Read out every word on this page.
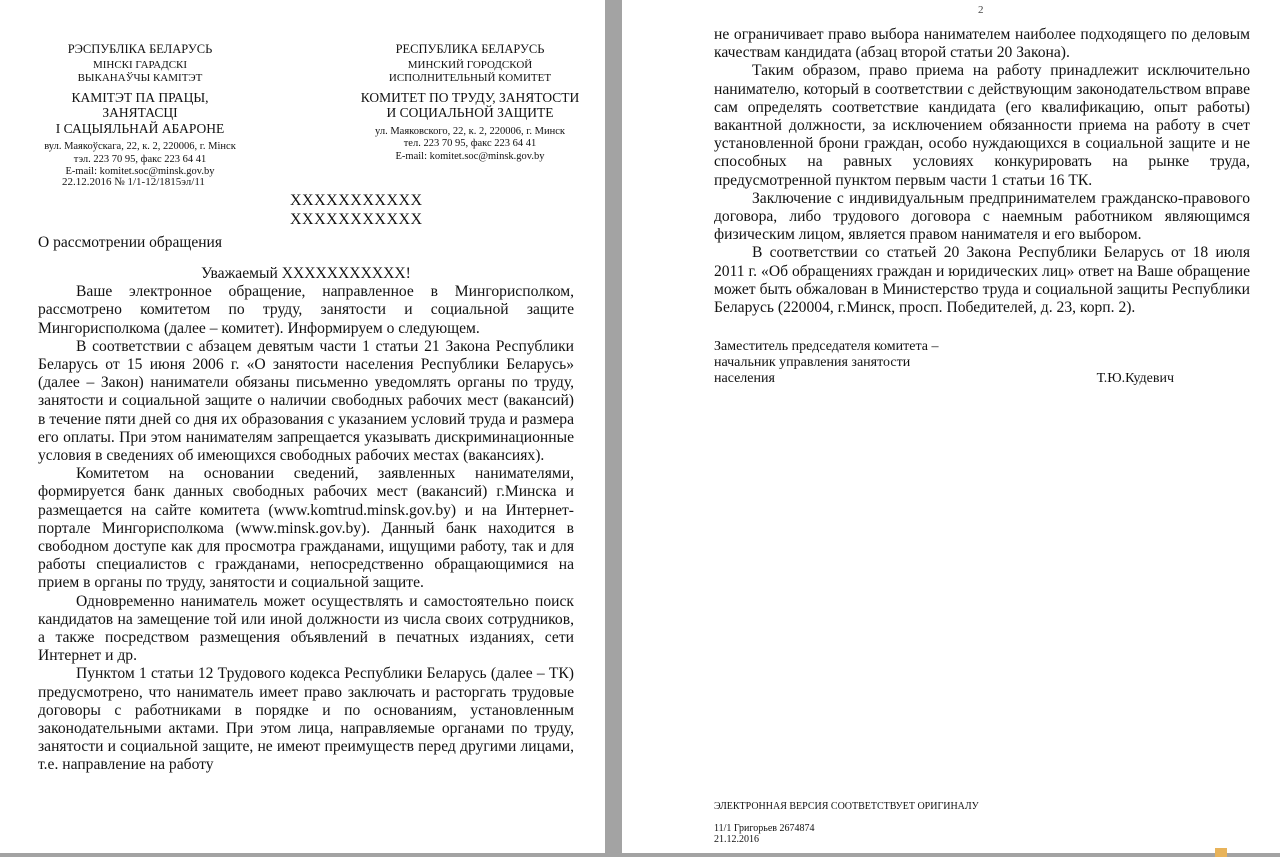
РЭСПУБЛІКА БЕЛАРУСЬ
МІНСКІ ГАРАДСКІ
ВЫКАНАЎЧЫ КАМІТЭТ
КАМІТЭТ ПА ПРАЦЫ, ЗАНЯТАСЦІ
І САЦЫЯЛЬНАЙ АБАРОНЕ
вул. Маякоўскага, 22, к. 2, 220006, г. Мінск
тэл. 223 70 95, факс 223 64 41
E-mail: komitet.soc@minsk.gov.by
РЕСПУБЛИКА БЕЛАРУСЬ
МИНСКИЙ ГОРОДСКОЙ
ИСПОЛНИТЕЛЬНЫЙ КОМИТЕТ
КОМИТЕТ ПО ТРУДУ, ЗАНЯТОСТИ
И СОЦИАЛЬНОЙ ЗАЩИТЕ
ул. Маяковского, 22, к. 2, 220006, г. Минск
тел. 223 70 95, факс 223 64 41
E-mail: komitet.soc@minsk.gov.by
22.12.2016 № 1/1-12/1815эл/11
XXXXXXXXXXX
XXXXXXXXXXX
О рассмотрении обращения

Уважаемый XXXXXXXXXXX!

Ваше электронное обращение, направленное в Мингорисполком, рассмотрено комитетом по труду, занятости и социальной защите Мингорисполкома (далее – комитет). Информируем о следующем.

В соответствии с абзацем девятым части 1 статьи 21 Закона Республики Беларусь от 15 июня 2006 г. «О занятости населения Республики Беларусь» (далее – Закон) наниматели обязаны письменно уведомлять органы по труду, занятости и социальной защите о наличии свободных рабочих мест (вакансий) в течение пяти дней со дня их образования с указанием условий труда и размера его оплаты. При этом нанимателям запрещается указывать дискриминационные условия в сведениях об имеющихся свободных рабочих местах (вакансиях).

Комитетом на основании сведений, заявленных нанимателями, формируется банк данных свободных рабочих мест (вакансий) г.Минска и размещается на сайте комитета (www.komtrud.minsk.gov.by) и на Интернет-портале Мингорисполкома (www.minsk.gov.by). Данный банк находится в свободном доступе как для просмотра гражданами, ищущими работу, так и для работы специалистов с гражданами, непосредственно обращающимися на прием в органы по труду, занятости и социальной защите.

Одновременно наниматель может осуществлять и самостоятельно поиск кандидатов на замещение той или иной должности из числа своих сотрудников, а также посредством размещения объявлений в печатных изданиях, сети Интернет и др.

Пунктом 1 статьи 12 Трудового кодекса Республики Беларусь (далее – ТК) предусмотрено, что наниматель имеет право заключать и расторгать трудовые договоры с работниками в порядке и по основаниям, установленным законодательными актами. При этом лица, направляемые органами по труду, занятости и социальной защите, не имеют преимуществ перед другими лицами, т.е. направление на работу

2

не ограничивает право выбора нанимателем наиболее подходящего по деловым качествам кандидата (абзац второй статьи 20 Закона).

Таким образом, право приема на работу принадлежит исключительно нанимателю, который в соответствии с действующим законодательством вправе сам определять соответствие кандидата (его квалификацию, опыт работы) вакантной должности, за исключением обязанности приема на работу в счет установленной брони граждан, особо нуждающихся в социальной защите и не способных на равных условиях конкурировать на рынке труда, предусмотренной пунктом первым части 1 статьи 16 ТК.

Заключение с индивидуальным предпринимателем гражданско-правового договора, либо трудового договора с наемным работником являющимся физическим лицом, является правом нанимателя и его выбором.

В соответствии со статьей 20 Закона Республики Беларусь от 18 июля 2011 г. «Об обращениях граждан и юридических лиц» ответ на Ваше обращение может быть обжалован в Министерство труда и социальной защиты Республики Беларусь (220004, г.Минск, просп. Победителей, д. 23, корп. 2).

Заместитель председателя комитета –
начальник управления занятости
населения	Т.Ю.Кудевич
ЭЛЕКТРОННАЯ ВЕРСИЯ СООТВЕТСТВУЕТ ОРИГИНАЛУ
11/1 Григорьев 2674874
21.12.2016
